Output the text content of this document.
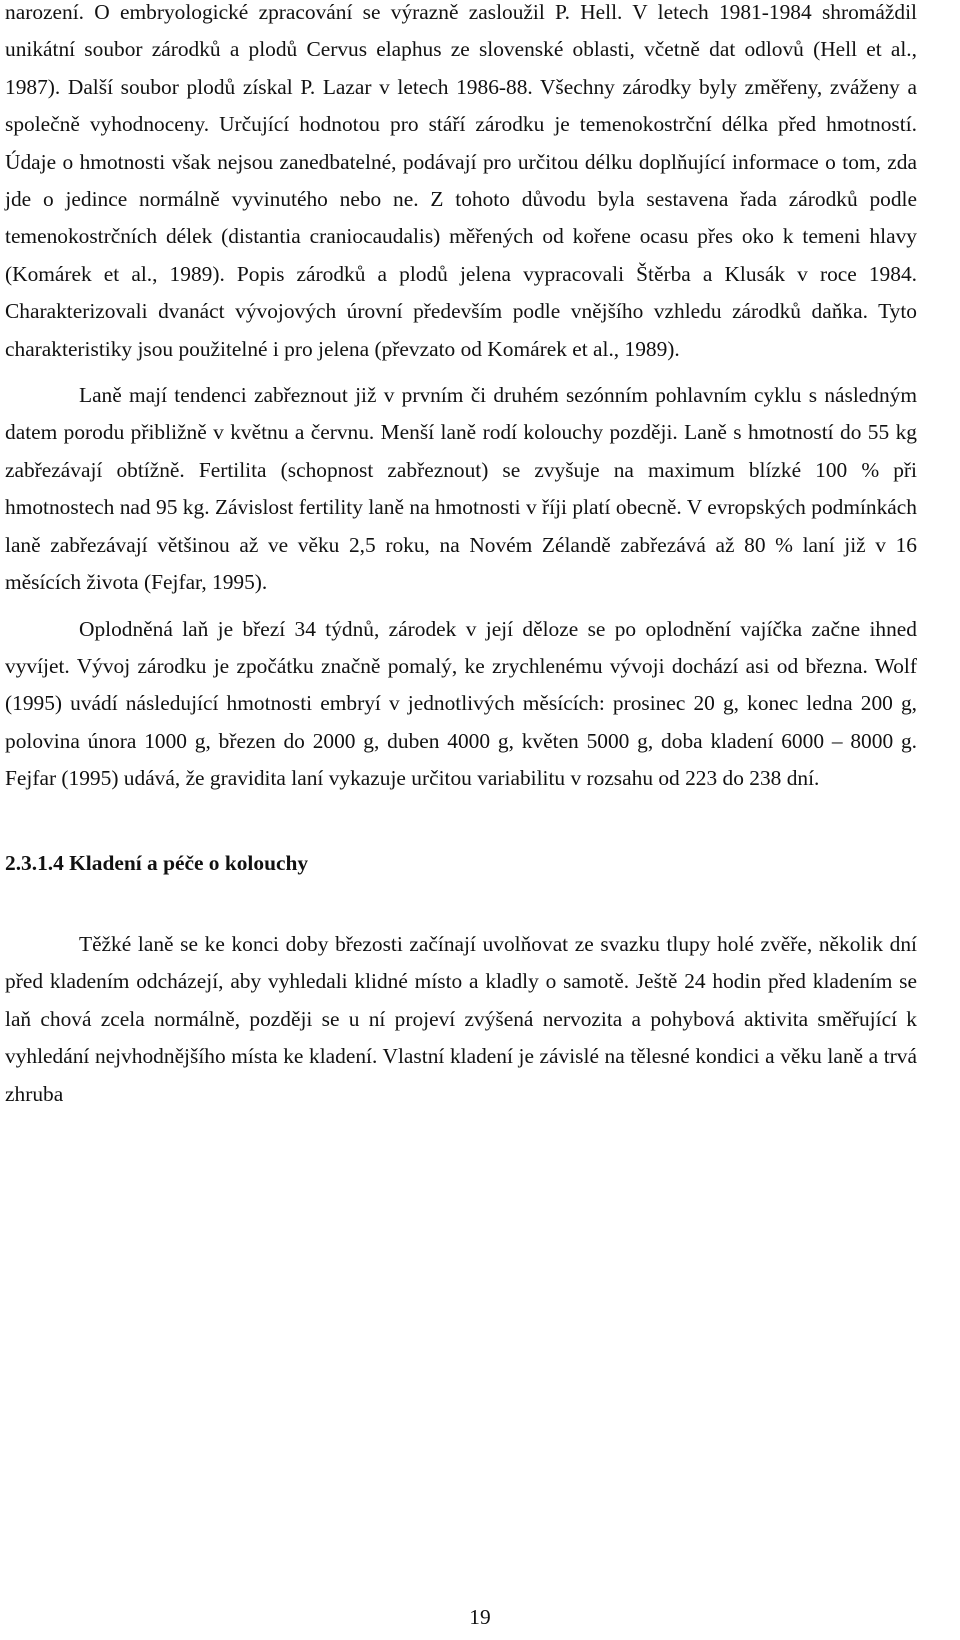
narození. O embryologické zpracování se výrazně zasloužil P. Hell. V letech 1981-1984 shromáždil unikátní soubor zárodků a plodů Cervus elaphus ze slovenské oblasti, včetně dat odlovů (Hell et al., 1987). Další soubor plodů získal P. Lazar v letech 1986-88. Všechny zárodky byly změřeny, zváženy a společně vyhodnoceny. Určující hodnotou pro stáří zárodku je temenokostrční délka před hmotností. Údaje o hmotnosti však nejsou zanedbatelné, podávají pro určitou délku doplňující informace o tom, zda jde o jedince normálně vyvinutého nebo ne. Z tohoto důvodu byla sestavena řada zárodků podle temenokostrčních délek (distantia craniocaudalis) měřených od kořene ocasu přes oko k temeni hlavy (Komárek et al., 1989). Popis zárodků a plodů jelena vypracovali Štěrba a Klusák v roce 1984. Charakterizovali dvanáct vývojových úrovní především podle vnějšího vzhledu zárodků daňka. Tyto charakteristiky jsou použitelné i pro jelena (převzato od Komárek et al., 1989).

Laně mají tendenci zabřeznout již v prvním či druhém sezónním pohlavním cyklu s následným datem porodu přibližně v květnu a červnu. Menší laně rodí kolouchy později. Laně s hmotností do 55 kg zabřezávají obtížně. Fertilita (schopnost zabřeznout) se zvyšuje na maximum blízké 100 % při hmotnostech nad 95 kg. Závislost fertility laně na hmotnosti v říji platí obecně. V evropských podmínkách laně zabřezávají většinou až ve věku 2,5 roku, na Novém Zélandě zabřezává až 80 % laní již v 16 měsících života (Fejfar, 1995).

Oplodněná laň je březí 34 týdnů, zárodek v její děloze se po oplodnění vajíčka začne ihned vyvíjet. Vývoj zárodku je zpočátku značně pomalý, ke zrychlenému vývoji dochází asi od března. Wolf (1995) uvádí následující hmotnosti embryí v jednotlivých měsících: prosinec 20 g, konec ledna 200 g, polovina února 1000 g, březen do 2000 g, duben 4000 g, květen 5000 g, doba kladení 6000 – 8000 g. Fejfar (1995) udává, že gravidita laní vykazuje určitou variabilitu v rozsahu od 223 do 238 dní.

2.3.1.4 Kladení a péče o kolouchy

Těžké laně se ke konci doby březosti začínají uvolňovat ze svazku tlupy holé zvěře, několik dní před kladením odcházejí, aby vyhledali klidné místo a kladly o samotě. Ještě 24 hodin před kladením se laň chová zcela normálně, později se u ní projeví zvýšená nervozita a pohybová aktivita směřující k vyhledání nejvhodnějšího místa ke kladení. Vlastní kladení je závislé na tělesné kondici a věku laně a trvá zhruba

19
